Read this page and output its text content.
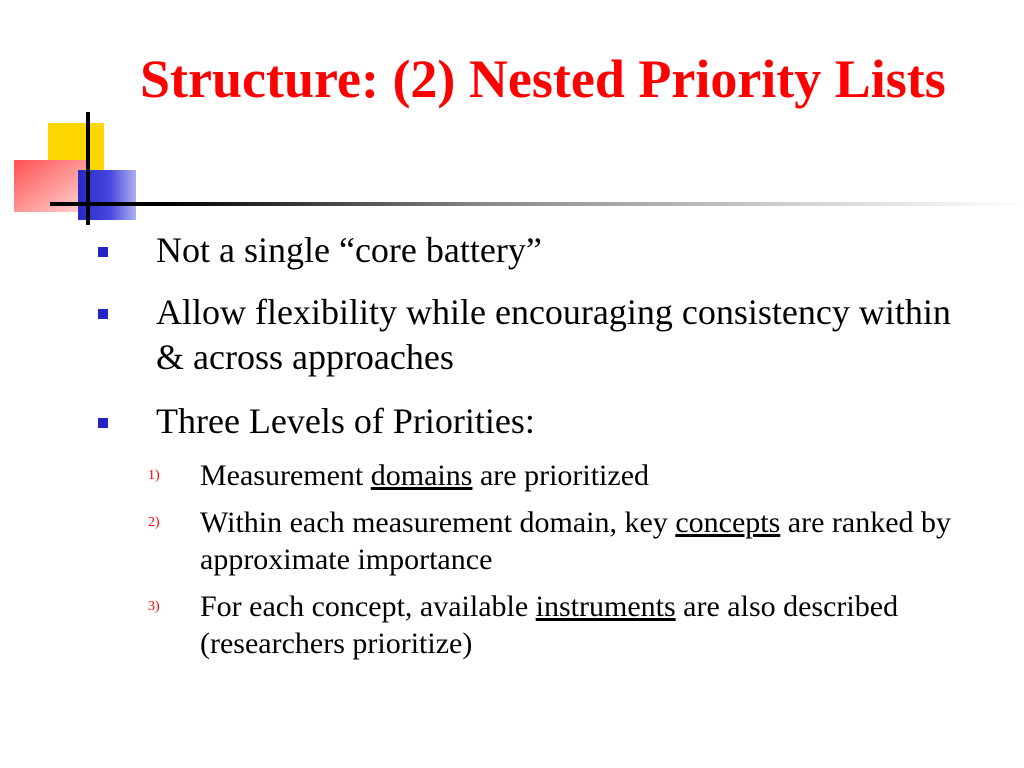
Structure: (2) Nested Priority Lists
Not a single “core battery”
Allow flexibility while encouraging consistency within & across approaches
Three Levels of Priorities:
1) Measurement domains are prioritized
2) Within each measurement domain, key concepts are ranked by approximate importance
3) For each concept, available instruments are also described (researchers prioritize)
